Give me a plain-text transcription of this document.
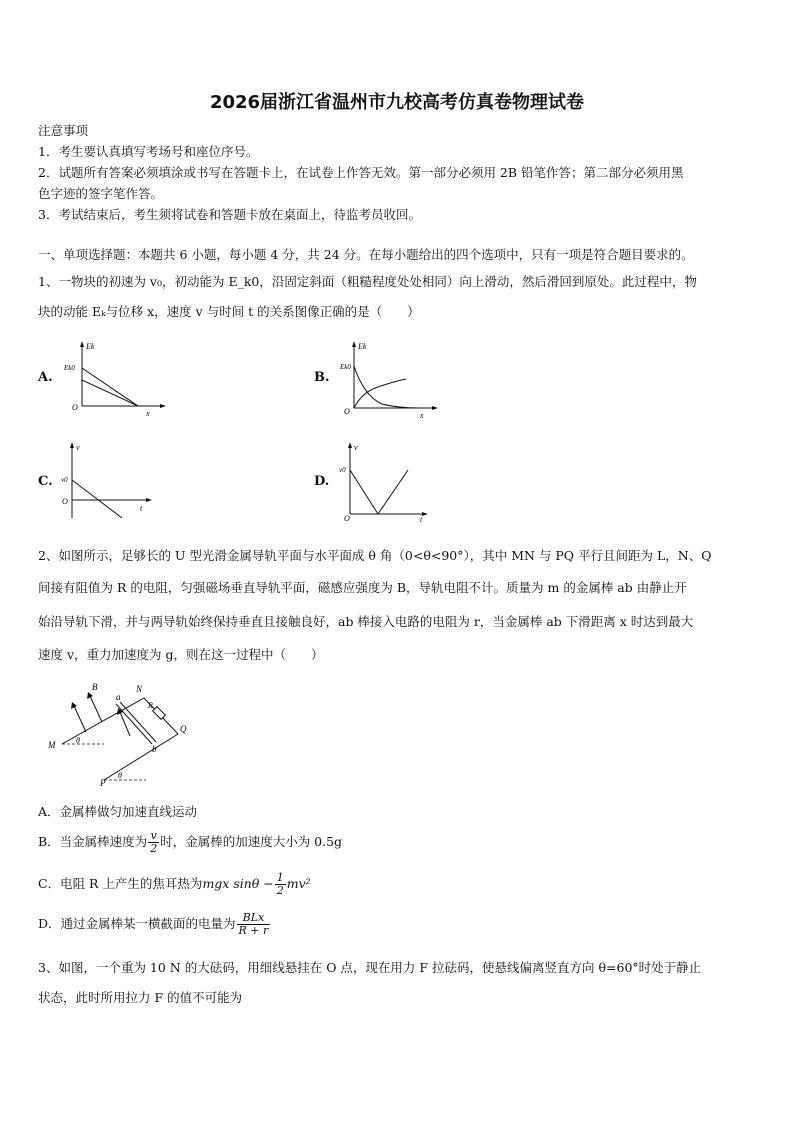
2026届浙江省温州市九校高考仿真卷物理试卷
注意事项
1．考生要认真填写考场号和座位序号。
2．试题所有答案必须填涂或书写在答题卡上，在试卷上作答无效。第一部分必须用 2B 铅笔作答；第二部分必须用黑
色字迹的签字笔作答。
3．考试结束后，考生须将试卷和答题卡放在桌面上，待监考员收回。
一、单项选择题：本题共 6 小题，每小题 4 分，共 24 分。在每小题给出的四个选项中，只有一项是符合题目要求的。
1、一物块的初速为 v₀，初动能为 E_k0，沿固定斜面（粗糙程度处处相同）向上滑动，然后滑回到原处。此过程中，物
块的动能 Eₖ与位移 x，速度 v 与时间 t 的关系图像正确的是（　　）
A.	B.
C.	D.
Ek
Ek0
O
x
Ek
Ek0
O	x
v
v0
O
t
v
v0
O	t
2、如图所示，足够长的 U 型光滑金属导轨平面与水平面成 θ 角（0<θ<90°），其中 MN 与 PQ 平行且间距为 L，N、Q
间接有阻值为 R 的电阻，匀强磁场垂直导轨平面，磁感应强度为 B，导轨电阻不计。质量为 m 的金属棒 ab 由静止开
始沿导轨下滑，并与两导轨始终保持垂直且接触良好，ab 棒接入电路的电阻为 r，当金属棒 ab 下滑距离 x 时达到最大
速度 v，重力加速度为 g，则在这一过程中（　　）
B
a
N
R
Q
M	θ
b
P
θ
A．金属棒做匀加速直线运动
B．当金属棒速度为 $\frac{v}{2}$ 时，金属棒的加速度大小为 0.5g
C．电阻 R 上产生的焦耳热为mgx $\sin\theta - \frac{1}{2} mv^2$
D．通过金属棒某一横截面的电量为 $\frac{\text{BLx}}{R + r}$
3、如图，一个重为 10 N 的大砝码，用细线悬挂在 O 点，现在用力 F 拉砝码，使悬线偏离竖直方向 θ=60°时处于静止
状态，此时所用拉力 F 的值不可能为
